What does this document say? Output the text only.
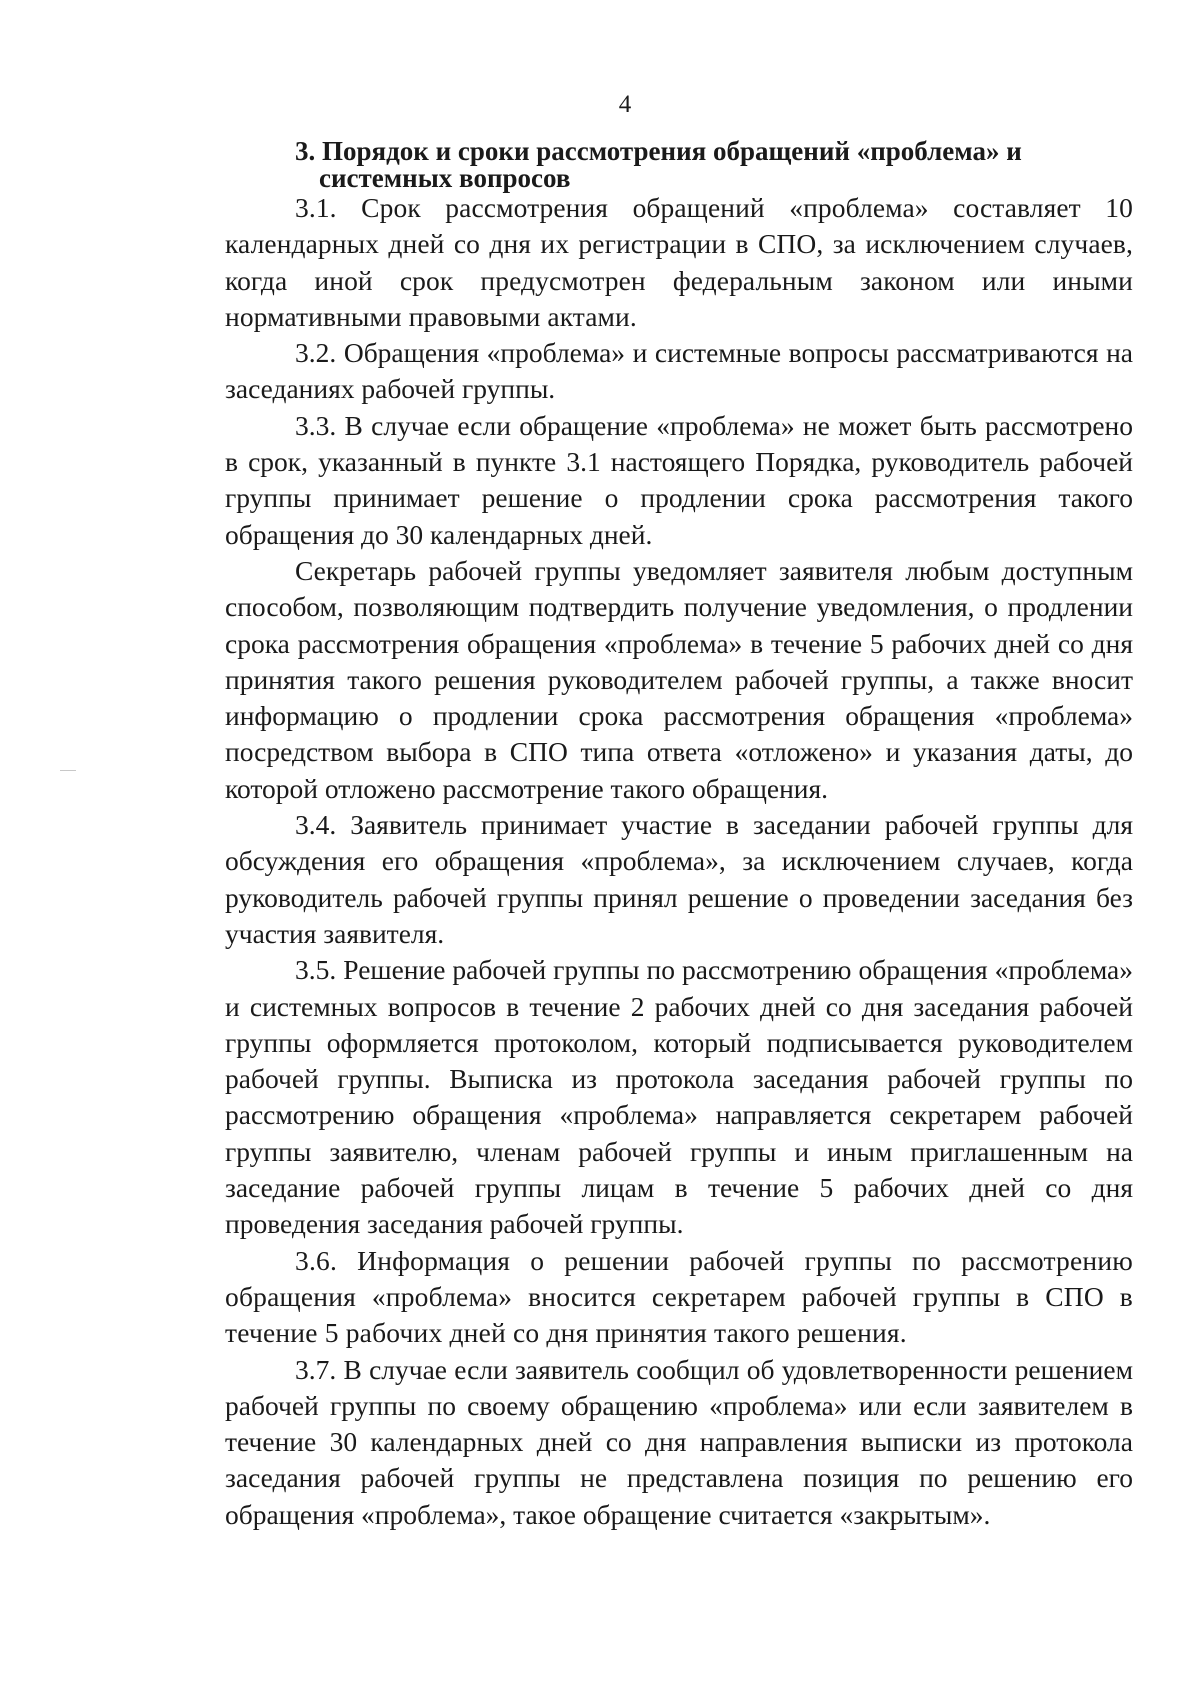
4
3. Порядок и сроки рассмотрения обращений «проблема» и
системных вопросов

3.1. Срок рассмотрения обращений «проблема» составляет 10 календарных дней со дня их регистрации в СПО, за исключением случаев, когда иной срок предусмотрен федеральным законом или иными нормативными правовыми актами.

3.2. Обращения «проблема» и системные вопросы рассматриваются на заседаниях рабочей группы.

3.3. В случае если обращение «проблема» не может быть рассмотрено в срок, указанный в пункте 3.1 настоящего Порядка, руководитель рабочей группы принимает решение о продлении срока рассмотрения такого обращения до 30 календарных дней.

Секретарь рабочей группы уведомляет заявителя любым доступным способом, позволяющим подтвердить получение уведомления, о продлении срока рассмотрения обращения «проблема» в течение 5 рабочих дней со дня принятия такого решения руководителем рабочей группы, а также вносит информацию о продлении срока рассмотрения обращения «проблема» посредством выбора в СПО типа ответа «отложено» и указания даты, до которой отложено рассмотрение такого обращения.

3.4. Заявитель принимает участие в заседании рабочей группы для обсуждения его обращения «проблема», за исключением случаев, когда руководитель рабочей группы принял решение о проведении заседания без участия заявителя.

3.5. Решение рабочей группы по рассмотрению обращения «проблема» и системных вопросов в течение 2 рабочих дней со дня заседания рабочей группы оформляется протоколом, который подписывается руководителем рабочей группы. Выписка из протокола заседания рабочей группы по рассмотрению обращения «проблема» направляется секретарем рабочей группы заявителю, членам рабочей группы и иным приглашенным на заседание рабочей группы лицам в течение 5 рабочих дней со дня проведения заседания рабочей группы.

3.6. Информация о решении рабочей группы по рассмотрению обращения «проблема» вносится секретарем рабочей группы в СПО в течение 5 рабочих дней со дня принятия такого решения.

3.7. В случае если заявитель сообщил об удовлетворенности решением рабочей группы по своему обращению «проблема» или если заявителем в течение 30 календарных дней со дня направления выписки из протокола заседания рабочей группы не представлена позиция по решению его обращения «проблема», такое обращение считается «закрытым».
